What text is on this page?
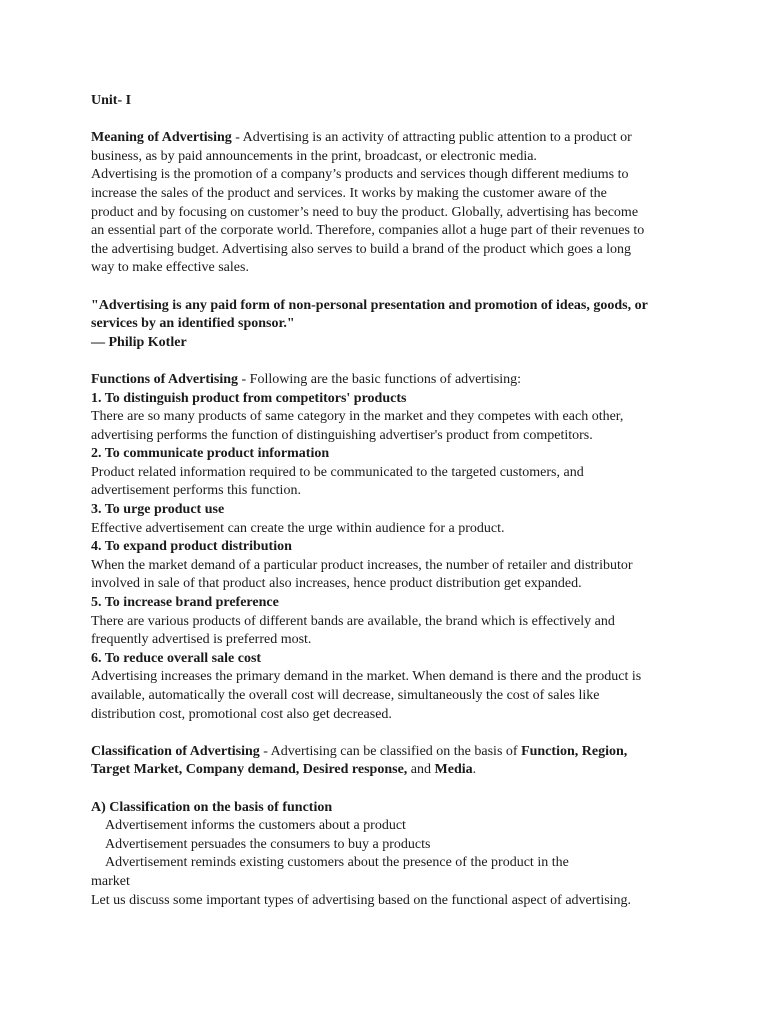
Unit- I

Meaning of Advertising - Advertising is an activity of attracting public attention to a product or business, as by paid announcements in the print, broadcast, or electronic media.

Advertising is the promotion of a company’s products and services though different mediums to increase the sales of the product and services. It works by making the customer aware of the product and by focusing on customer’s need to buy the product. Globally, advertising has become an essential part of the corporate world. Therefore, companies allot a huge part of their revenues to the advertising budget. Advertising also serves to build a brand of the product which goes a long way to make effective sales.

"Advertising is any paid form of non-personal presentation and promotion of ideas, goods, or services by an identified sponsor."

— Philip Kotler

Functions of Advertising - Following are the basic functions of advertising:

1. To distinguish product from competitors' products

There are so many products of same category in the market and they competes with each other, advertising performs the function of distinguishing advertiser's product from competitors.

2. To communicate product information

Product related information required to be communicated to the targeted customers, and advertisement performs this function.

3. To urge product use

Effective advertisement can create the urge within audience for a product.

4. To expand product distribution

When the market demand of a particular product increases, the number of retailer and distributor involved in sale of that product also increases, hence product distribution get expanded.

5. To increase brand preference

There are various products of different bands are available, the brand which is effectively and frequently advertised is preferred most.

6. To reduce overall sale cost

Advertising increases the primary demand in the market. When demand is there and the product is available, automatically the overall cost will decrease, simultaneously the cost of sales like distribution cost, promotional cost also get decreased.

Classification of Advertising - Advertising can be classified on the basis of Function, Region, Target Market, Company demand, Desired response, and Media.

A) Classification on the basis of function

Advertisement informs the customers about a product

Advertisement persuades the consumers to buy a products

Advertisement reminds existing customers about the presence of the product in the

market

Let us discuss some important types of advertising based on the functional aspect of advertising.
